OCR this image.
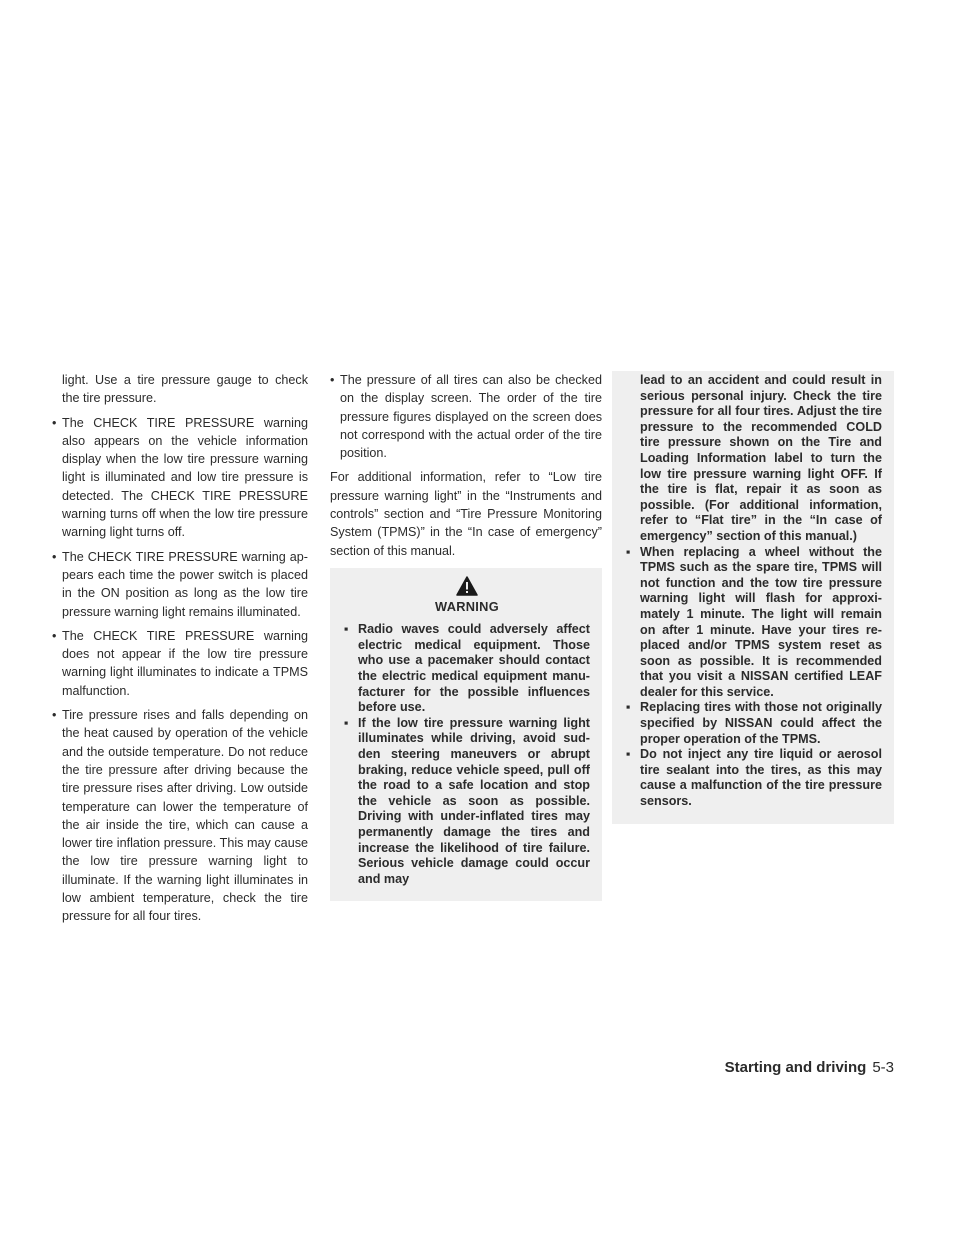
light. Use a tire pressure gauge to check the tire pressure.

• The CHECK TIRE PRESSURE warning also appears on the vehicle information display when the low tire pressure warning light is illuminated and low tire pressure is detected. The CHECK TIRE PRESSURE warning turns off when the low tire pressure warning light turns off.

• The CHECK TIRE PRESSURE warning appears each time the power switch is placed in the ON position as long as the low tire pressure warning light remains illuminated.

• The CHECK TIRE PRESSURE warning does not appear if the low tire pressure warning light illuminates to indicate a TPMS malfunction.

• Tire pressure rises and falls depending on the heat caused by operation of the vehicle and the outside temperature. Do not reduce the tire pressure after driving because the tire pressure rises after driving. Low outside temperature can lower the temperature of the air inside the tire, which can cause a lower tire inflation pressure. This may cause the low tire pressure warning light to illuminate. If the warning light illuminates in low ambient temperature, check the tire pressure for all four tires.

• The pressure of all tires can also be checked on the display screen. The order of the tire pressure figures displayed on the screen does not correspond with the actual order of the tire position.

For additional information, refer to “Low tire pressure warning light” in the “Instruments and controls” section and “Tire Pressure Monitoring System (TPMS)” in the “In case of emergency” section of this manual.

WARNING
▪ Radio waves could adversely affect electric medical equipment. Those who use a pacemaker should contact the electric medical equipment manufacturer for the possible influences before use.
▪ If the low tire pressure warning light illuminates while driving, avoid sudden steering maneuvers or abrupt braking, reduce vehicle speed, pull off the road to a safe location and stop the vehicle as soon as possible. Driving with under-inflated tires may permanently damage the tires and increase the likelihood of tire failure. Serious vehicle damage could occur and may

lead to an accident and could result in serious personal injury. Check the tire pressure for all four tires. Adjust the tire pressure to the recommended COLD tire pressure shown on the Tire and Loading Information label to turn the low tire pressure warning light OFF. If the tire is flat, repair it as soon as possible. (For additional information, refer to “Flat tire” in the “In case of emergency” section of this manual.)

▪ When replacing a wheel without the TPMS such as the spare tire, TPMS will not function and the tow tire pressure warning light will flash for approximately 1 minute. The light will remain on after 1 minute. Have your tires replaced and/or TPMS system reset as soon as possible. It is recommended that you visit a NISSAN certified LEAF dealer for this service.
▪ Replacing tires with those not originally specified by NISSAN could affect the proper operation of the TPMS.
▪ Do not inject any tire liquid or aerosol tire sealant into the tires, as this may cause a malfunction of the tire pressure sensors.
Starting and driving 5-3
